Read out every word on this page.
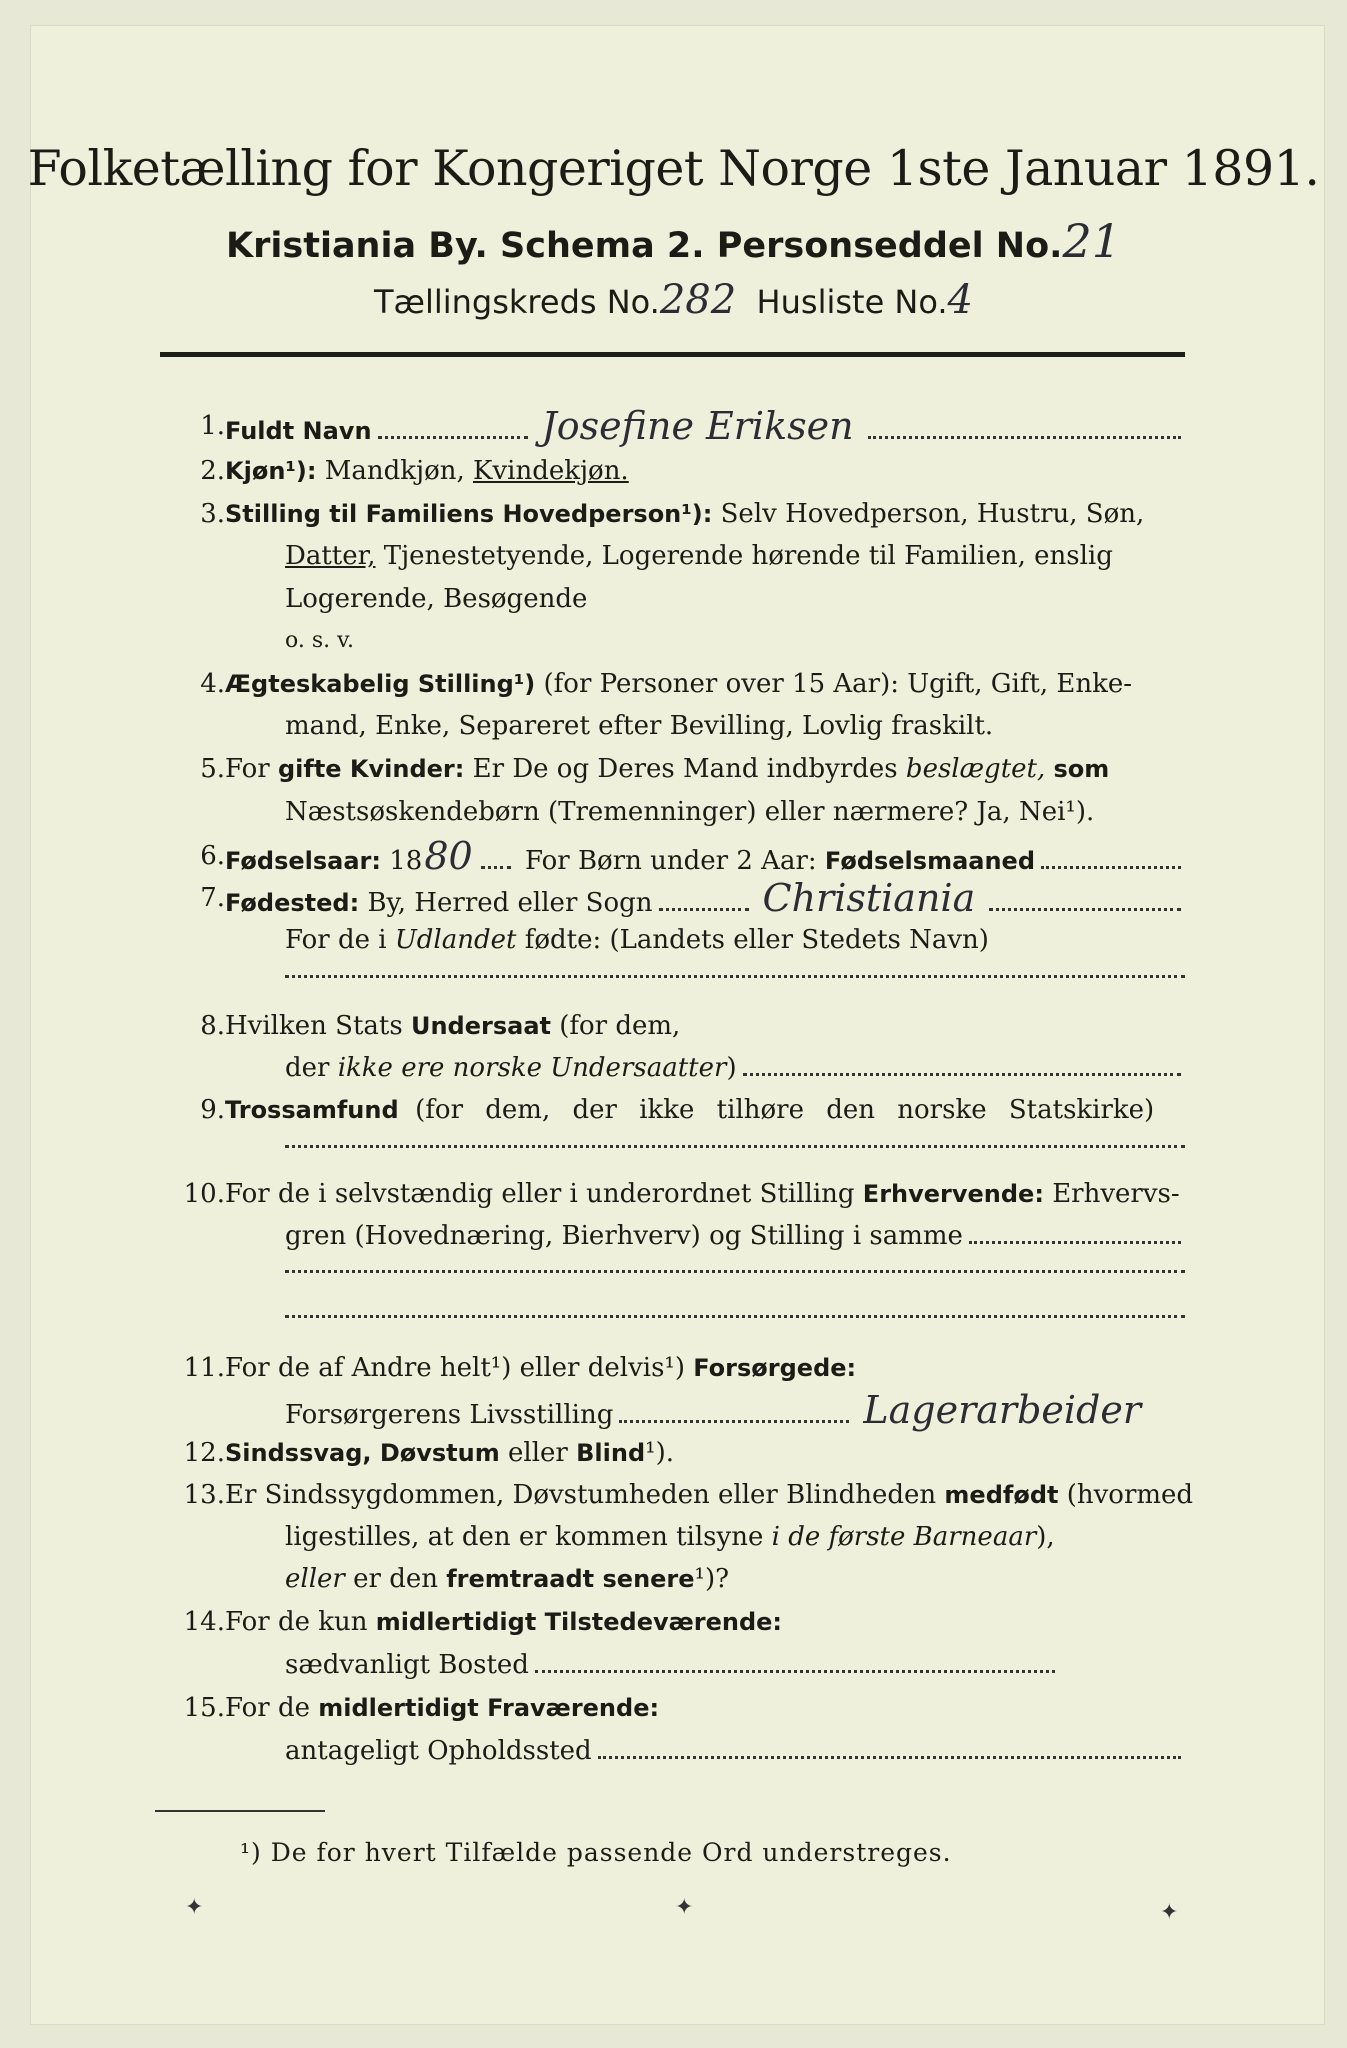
Folketælling for Kongeriget Norge 1ste Januar 1891.
Kristiania By. Schema 2. Personseddel No.21
Tællingskreds No.282 Husliste No.4
1. Fuldt Navn	Josefine Eriksen
2. Kjøn¹):
Mandkjøn,
Kvindekjøn.
3. Stilling til Familiens Hovedperson¹):
Selv Hovedperson, Hustru, Søn,
Datter,
Tjenestetyende, Logerende hørende til Familien, enslig
Logerende, Besøgende
o. s. v.
4. Ægteskabelig Stilling¹)
(for Personer over 15 Aar): Ugift, Gift, Enke-
mand, Enke, Separeret efter Bevilling, Lovlig fraskilt.
5. For
gifte Kvinder:
Er De og Deres Mand indbyrdes
beslægtet,
som
Næstsøskendebørn (Tremenninger) eller nærmere? Ja, Nei¹).
6. Fødselsaar:
18 80
For Børn under 2 Aar:
Fødselsmaaned
7. Fødested:
By, Herred eller Sogn	Christiania
For de i
Udlandet
fødte: (Landets eller Stedets Navn)
8. Hvilken Stats
Undersaat
(for dem,
der
ikke ere norske Undersaatter )
9. Trossamfund
(for dem, der ikke tilhøre den norske Statskirke)
10. For de i selvstændig eller i underordnet Stilling
Erhvervende:
Erhvervs-
gren (Hovednæring, Bierhverv) og Stilling i samme
11. For de af Andre helt¹) eller delvis¹)
Forsørgede:
Forsørgerens Livsstilling	Lagerarbeider
12. Sindssvag, Døvstum
eller
Blind ¹).
13. Er Sindssygdommen, Døvstumheden eller Blindheden
medfødt
(hvormed
ligestilles, at den er kommen tilsyne
i de første Barneaar ),
eller
er den
fremtraadt senere ¹)?
14. For de kun
midlertidigt Tilstedeværende:
sædvanligt Bosted
15. For de
midlertidigt Fraværende:
antageligt Opholdssted
¹) De for hvert Tilfælde passende Ord understreges.
✦	✦	✦
